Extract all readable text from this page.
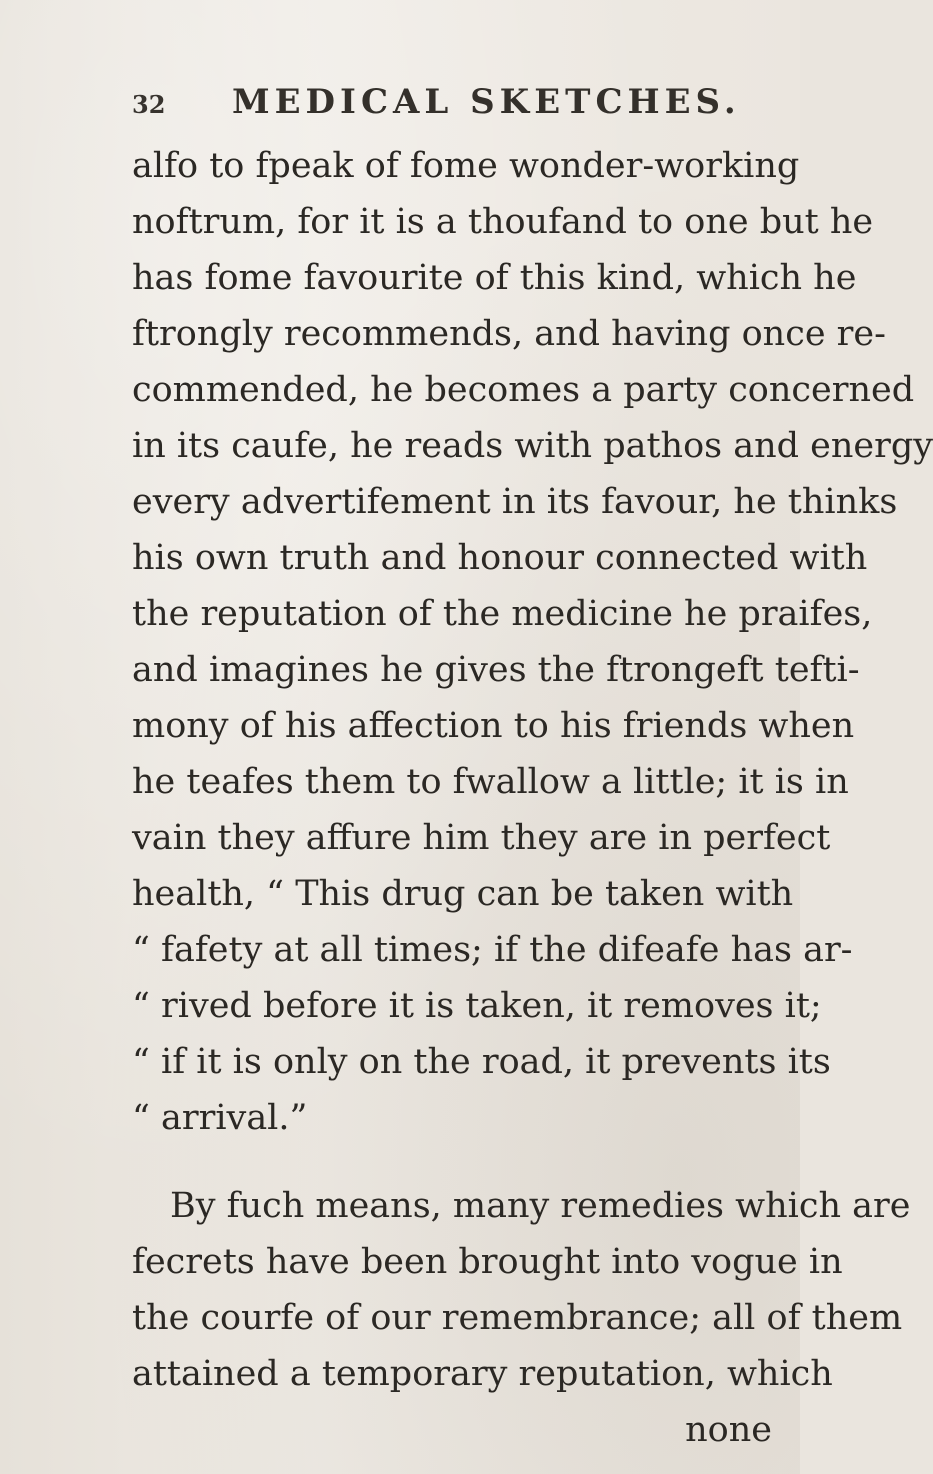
32 MEDICAL SKETCHES.
alfo to fpeak of fome wonder-working
noftrum, for it is a thoufand to one but he
has fome favourite of this kind, which he
ftrongly recommends, and having once re-
commended, he becomes a party concerned
in its caufe, he reads with pathos and energy
every advertifement in its favour, he thinks
his own truth and honour connected with
the reputation of the medicine he praifes,
and imagines he gives the ftrongeft tefti-
mony of his affection to his friends when
he teafes them to fwallow a little; it is in
vain they affure him they are in perfect
health, “ This drug can be taken with
“ fafety at all times; if the difeafe has ar-
“ rived before it is taken, it removes it;
“ if it is only on the road, it prevents its
“ arrival.”
By fuch means, many remedies which are
fecrets have been brought into vogue in
the courfe of our remembrance; all of them
attained a temporary reputation, which
none
